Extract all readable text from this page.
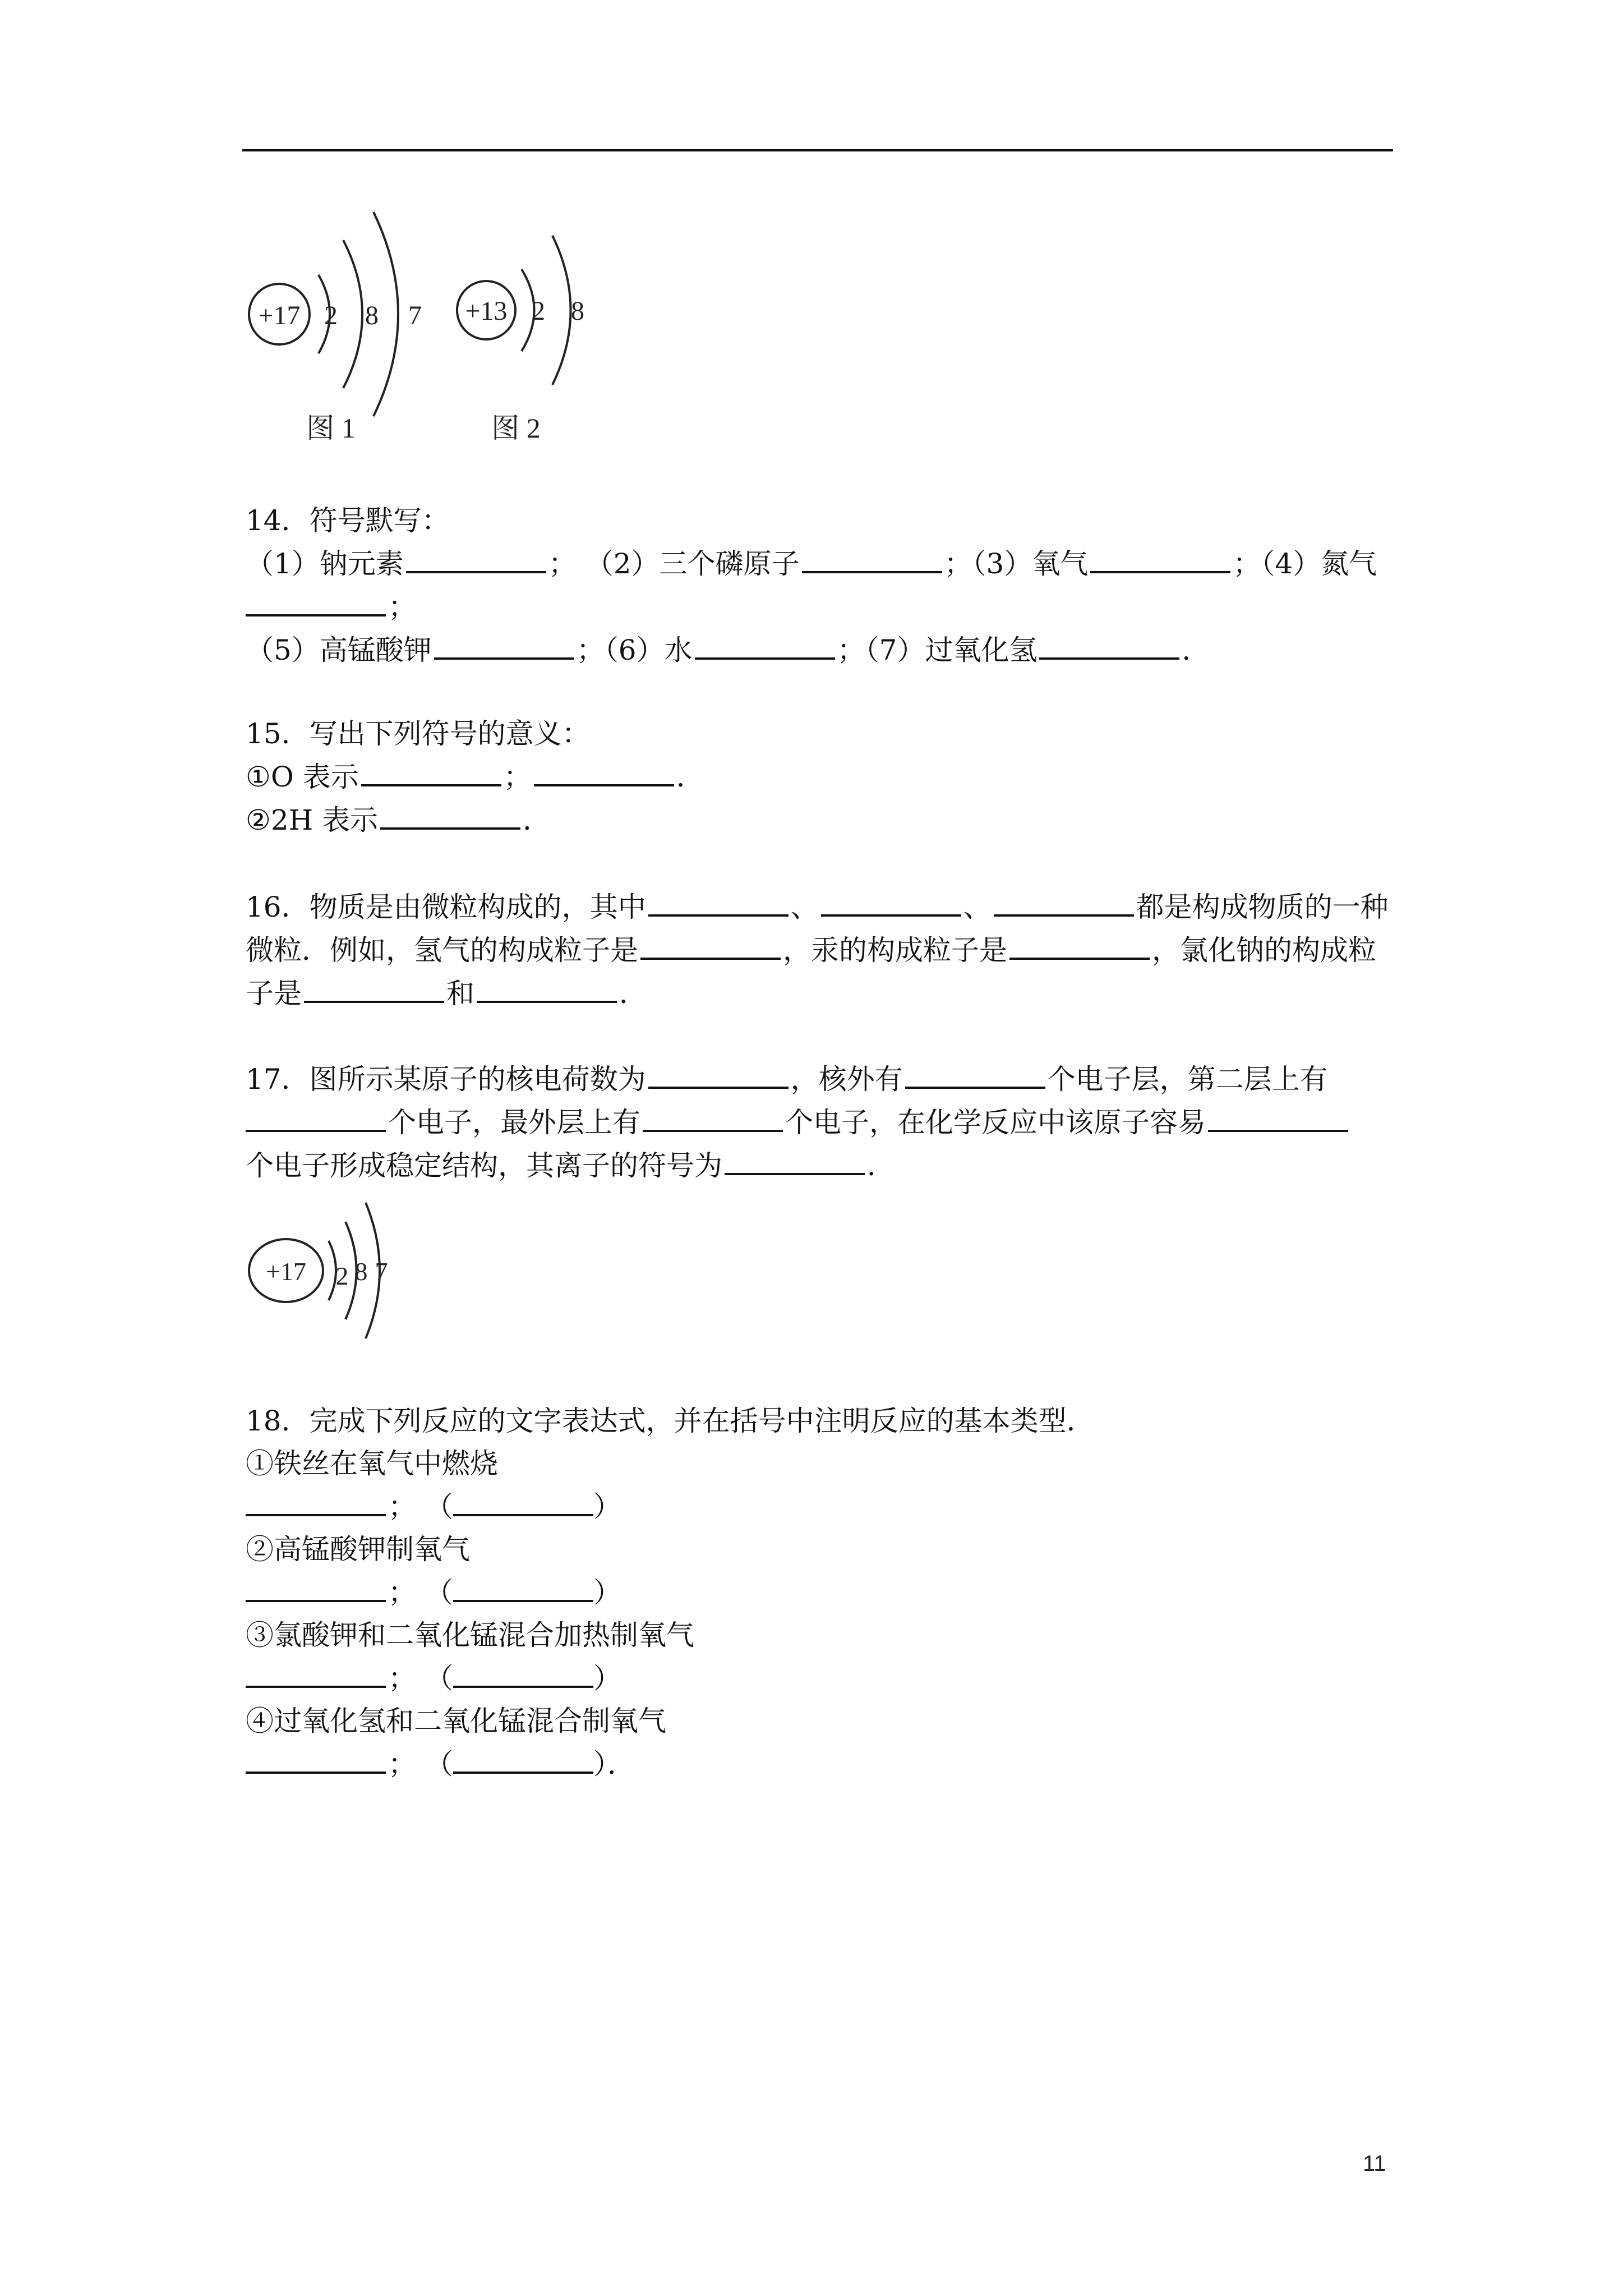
+17 2 8 7
图 1
+13 2 8
图 2

14．符号默写：

（1）钠元素	； （2）三个磷原子	；（3）氧气	；（4）氮气

；

（5）高锰酸钾	；（6）水	；（7）过氧化氢	．

15．写出下列符号的意义：

①O 表示	；	．

②2H 表示	．

16．物质是由微粒构成的，其中	、	、	都是构成物质的一种

微粒．例如，氢气的构成粒子是	，汞的构成粒子是	，氯化钠的构成粒

子是	和	．

17．图所示某原子的核电荷数为	，核外有	个电子层，第二层上有

个电子，最外层上有	个电子，在化学反应中该原子容易

个电子形成稳定结构，其离子的符号为	．

+17 2 8 7

18．完成下列反应的文字表达式，并在括号中注明反应的基本类型．

①铁丝在氧气中燃烧

； （	）

②高锰酸钾制氧气

； （	）

③氯酸钾和二氧化锰混合加热制氧气

； （	）

④过氧化氢和二氧化锰混合制氧气

； （	）．

11
